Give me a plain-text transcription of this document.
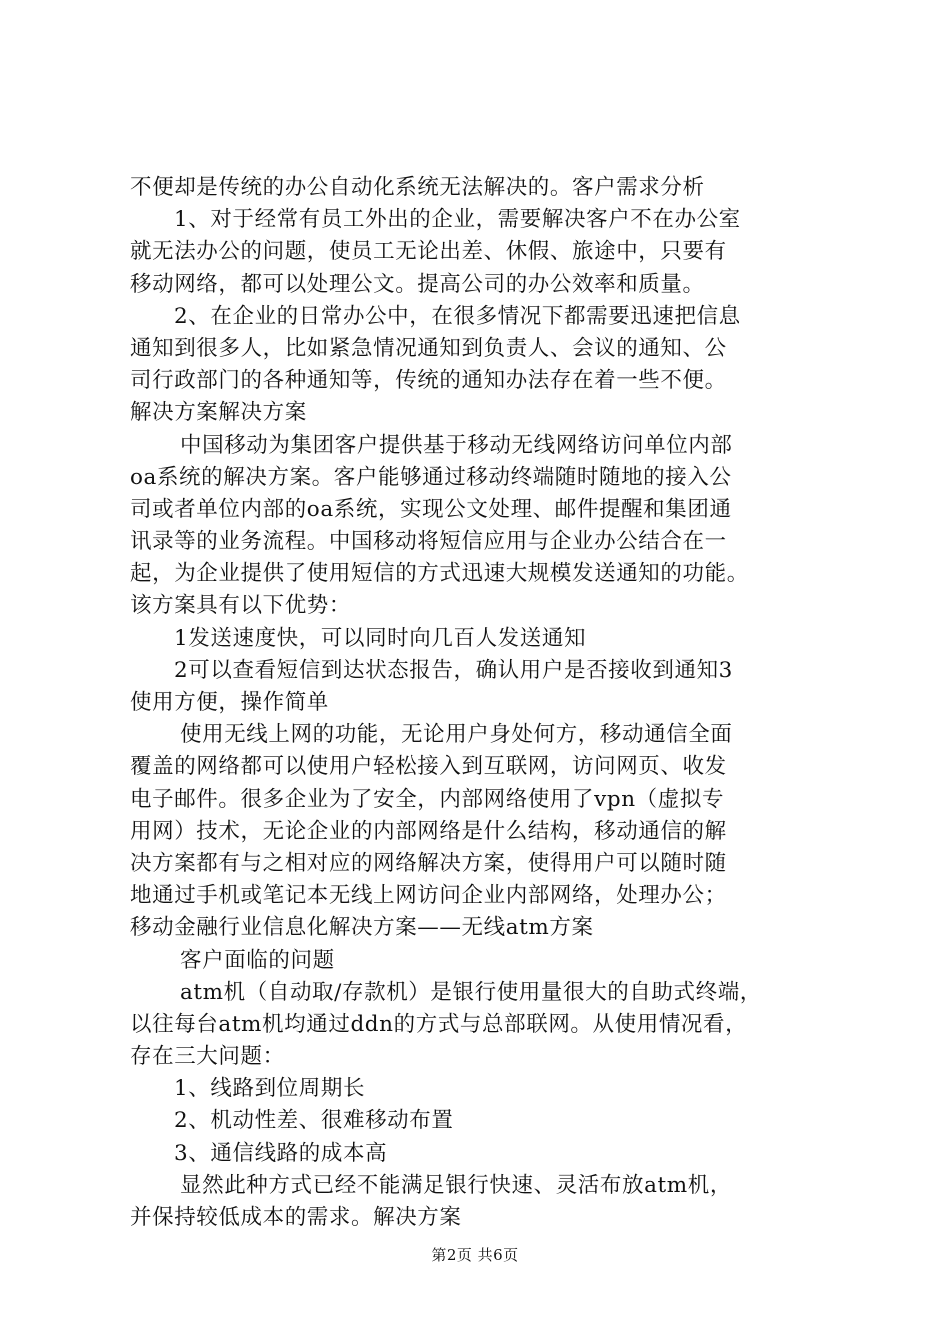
不便却是传统的办公自动化系统无法解决的。客户需求分析
1、对于经常有员工外出的企业，需要解决客户不在办公室
就无法办公的问题，使员工无论出差、休假、旅途中，只要有
移动网络，都可以处理公文。提高公司的办公效率和质量。
2、在企业的日常办公中，在很多情况下都需要迅速把信息
通知到很多人，比如紧急情况通知到负责人、会议的通知、公
司行政部门的各种通知等，传统的通知办法存在着一些不便。
解决方案解决方案
中国移动为集团客户提供基于移动无线网络访问单位内部
oa系统的解决方案。客户能够通过移动终端随时随地的接入公
司或者单位内部的oa系统，实现公文处理、邮件提醒和集团通
讯录等的业务流程。中国移动将短信应用与企业办公结合在一
起，为企业提供了使用短信的方式迅速大规模发送通知的功能。
该方案具有以下优势：
1发送速度快，可以同时向几百人发送通知
2可以查看短信到达状态报告，确认用户是否接收到通知3
使用方便，操作简单
使用无线上网的功能，无论用户身处何方，移动通信全面
覆盖的网络都可以使用户轻松接入到互联网，访问网页、收发
电子邮件。很多企业为了安全，内部网络使用了vpn（虚拟专
用网）技术，无论企业的内部网络是什么结构，移动通信的解
决方案都有与之相对应的网络解决方案，使得用户可以随时随
地通过手机或笔记本无线上网访问企业内部网络，处理办公；
移动金融行业信息化解决方案——无线atm方案
客户面临的问题
atm机（自动取/存款机）是银行使用量很大的自助式终端，
以往每台atm机均通过ddn的方式与总部联网。从使用情况看，
存在三大问题：
1、线路到位周期长
2、机动性差、很难移动布置
3、通信线路的成本高
显然此种方式已经不能满足银行快速、灵活布放atm机，
并保持较低成本的需求。解决方案
第2页 共6页
